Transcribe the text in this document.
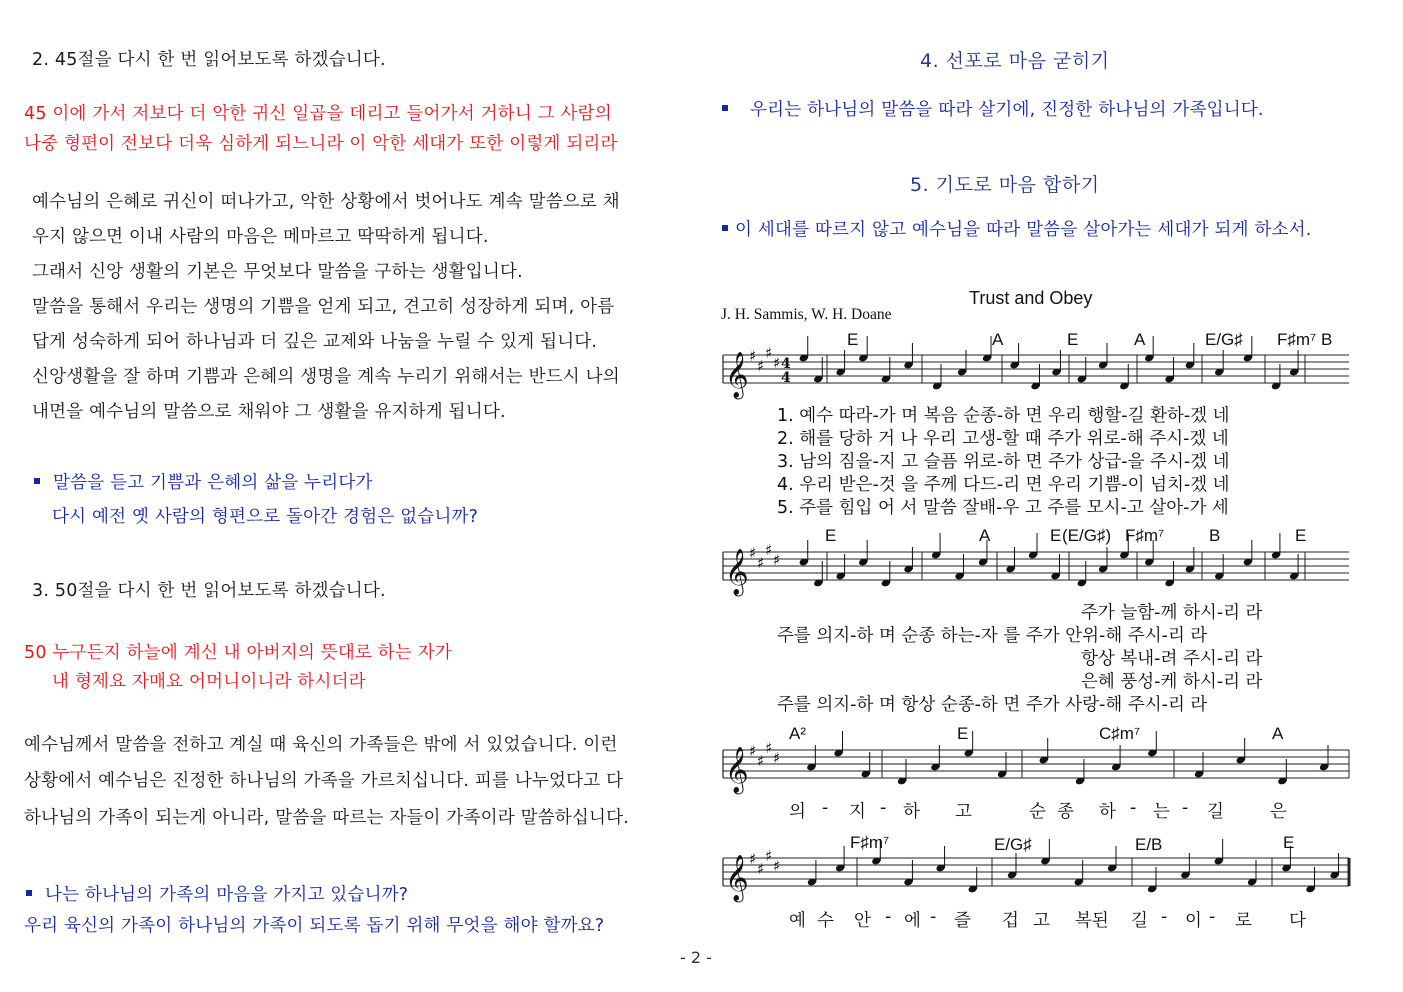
2. 45절을 다시 한 번 읽어보도록 하겠습니다.
45 이에 가서 저보다 더 악한 귀신 일곱을 데리고 들어가서 거하니 그 사람의
나중 형편이 전보다 더욱 심하게 되느니라 이 악한 세대가 또한 이렇게 되리라
예수님의 은혜로 귀신이 떠나가고, 악한 상황에서 벗어나도 계속 말씀으로 채
우지 않으면 이내 사람의 마음은 메마르고 딱딱하게 됩니다.
그래서 신앙 생활의 기본은 무엇보다 말씀을 구하는 생활입니다.
말씀을 통해서 우리는 생명의 기쁨을 얻게 되고, 견고히 성장하게 되며, 아름
답게 성숙하게 되어 하나님과 더 깊은 교제와 나눔을 누릴 수 있게 됩니다.
신앙생활을 잘 하며 기쁨과 은혜의 생명을 계속 누리기 위해서는 반드시 나의
내면을 예수님의 말씀으로 채워야 그 생활을 유지하게 됩니다.
말씀을 듣고 기쁨과 은혜의 삶을 누리다가
다시 예전 옛 사람의 형편으로 돌아간 경험은 없습니까?
3. 50절을 다시 한 번 읽어보도록 하겠습니다.
50 누구든지 하늘에 계신 내 아버지의 뜻대로 하는 자가
내 형제요 자매요 어머니이니라 하시더라
예수님께서 말씀을 전하고 계실 때 육신의 가족들은 밖에 서 있었습니다. 이런
상황에서 예수님은 진정한 하나님의 가족을 가르치십니다. 피를 나누었다고 다
하나님의 가족이 되는게 아니라, 말씀을 따르는 자들이 가족이라 말씀하십니다.
나는 하나님의 가족의 마음을 가지고 있습니까?
우리 육신의 가족이 하나님의 가족이 되도록 돕기 위해 무엇을 해야 할까요?
4. 선포로 마음 굳히기
우리는 하나님의 말씀을 따라 살기에, 진정한 하나님의 가족입니다.
5. 기도로 마음 합하기
이 세대를 따르지 않고 예수님을 따라 말씀을 살아가는 세대가 되게 하소서.
Trust and Obey
J. H. Sammis, W. H. Doane
𝄞 ♯
♯
♯
♯ 4
4
𝄞 ♯
♯
♯
♯
𝄞 ♯
♯
♯
♯
𝄞 ♯
♯
♯
♯
E	A	E	A	E/G♯ F♯m⁷ B
1. 예수 따라-가 며 복음 순종-하 면 우리 행할-길 환하-겠 네
2. 해를 당하 거 나 우리 고생-할 때 주가 위로-해 주시-겠 네
3. 남의 짐을-지 고 슬픔 위로-하 면 주가 상급-을 주시-겠 네
4. 우리 받은-것 을 주께 다드-리 면 우리 기쁨-이 넘치-겠 네
5. 주를 힘입 어 서 말씀 잘배-우 고 주를 모시-고 살아-가 세
E	A	E (E/G♯) F♯m⁷	B	E
주가 늘함-께 하시-리 라
주를 의지-하 며 순종 하는-자 를 주가 안위-해 주시-리 라
항상 복내-려 주시-리 라
은혜 풍성-케 하시-리 라
주를 의지-하 며 항상 순종-하 면 주가 사랑-해 주시-리 라
A²	E	C♯m⁷	A
의 - 지 - 하 고	순 종 하 - 는 - 길	은
F♯m⁷	E/G♯	E/B	E
예 수 안 - 에 - 즐 겁 고 복된 길 - 이 - 로 다
- 2 -
